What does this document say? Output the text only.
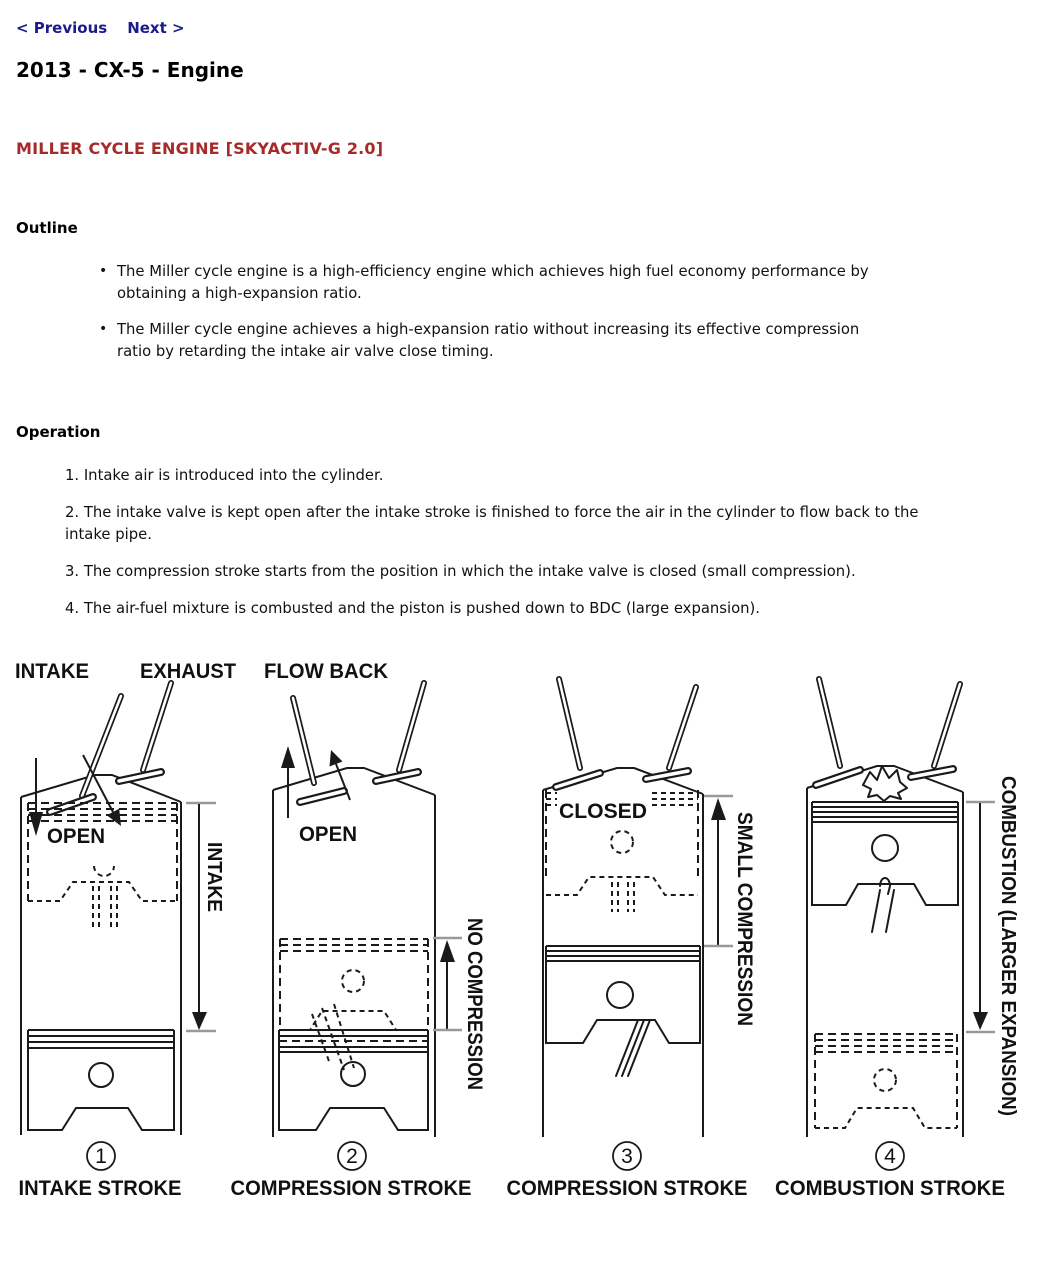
< Previous Next >
2013 - CX-5 - Engine
MILLER CYCLE ENGINE [SKYACTIV-G 2.0]
Outline
• The Miller cycle engine is a high-efficiency engine which achieves high fuel economy performance by obtaining a high-expansion ratio.
• The Miller cycle engine achieves a high-expansion ratio without increasing its effective compression ratio by retarding the intake air valve close timing.
Operation
1. Intake air is introduced into the cylinder.
2. The intake valve is kept open after the intake stroke is finished to force the air in the cylinder to flow back to the intake pipe.
3. The compression stroke starts from the position in which the intake valve is closed (small compression).
4. The air-fuel mixture is combusted and the piston is pushed down to BDC (large expansion).
INTAKE EXHAUST FLOW BACK
OPEN
INTAKE
1
INTAKE STROKE
OPEN
NO COMPRESSION
2
COMPRESSION STROKE
CLOSED
SMALL COMPRESSION
3
COMPRESSION STROKE
COMBUSTION (LARGER EXPANSION)
4
COMBUSTION STROKE
